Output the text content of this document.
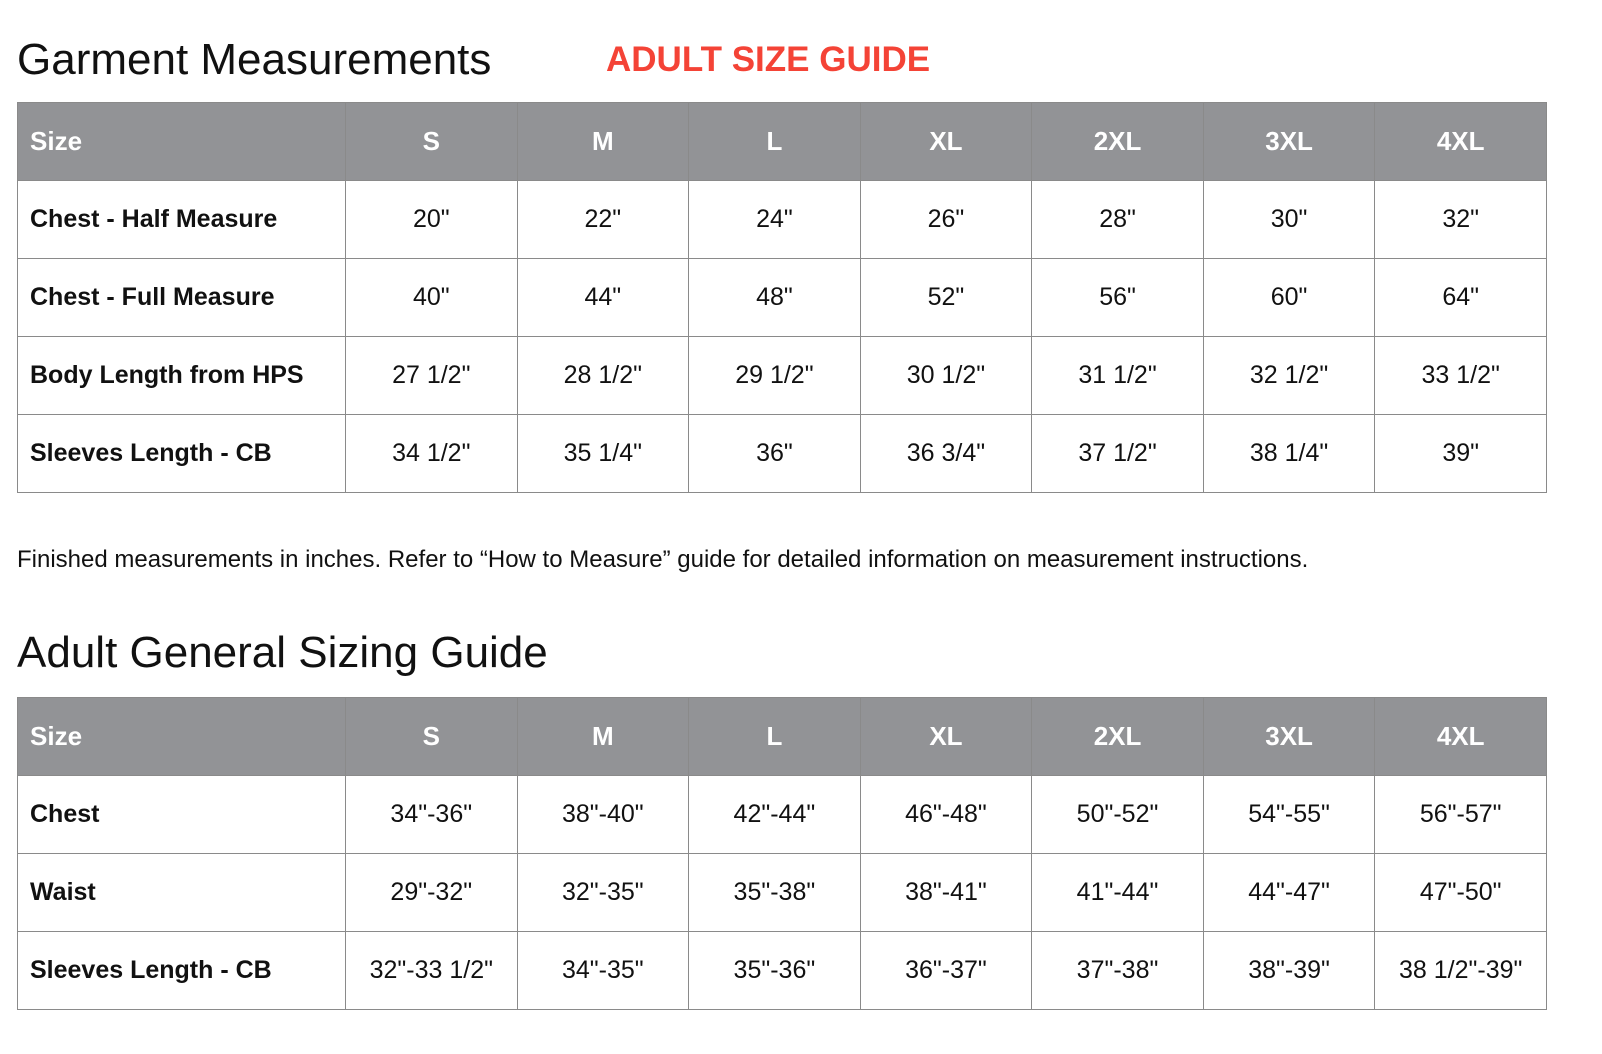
Garment Measurements	ADULT SIZE GUIDE
Size	S	M	L	XL	2XL	3XL	4XL
Chest - Half Measure	20"	22"	24"	26"	28"	30"	32"
Chest - Full Measure	40"	44"	48"	52"	56"	60"	64"
Body Length from HPS	27 1/2"	28 1/2"	29 1/2"	30 1/2"	31 1/2"	32 1/2"	33 1/2"
Sleeves Length - CB	34 1/2"	35 1/4"	36"	36 3/4"	37 1/2"	38 1/4"	39"

Finished measurements in inches. Refer to “How to Measure” guide for detailed information on measurement instructions.

Adult General Sizing Guide
Size	S	M	L	XL	2XL	3XL	4XL
Chest	34"-36"	38"-40"	42"-44"	46"-48"	50"-52"	54"-55"	56"-57"
Waist	29"-32"	32"-35"	35"-38"	38"-41"	41"-44"	44"-47"	47"-50"
Sleeves Length - CB	32"-33 1/2"	34"-35"	35"-36"	36"-37"	37"-38"	38"-39"	38 1/2"-39"
